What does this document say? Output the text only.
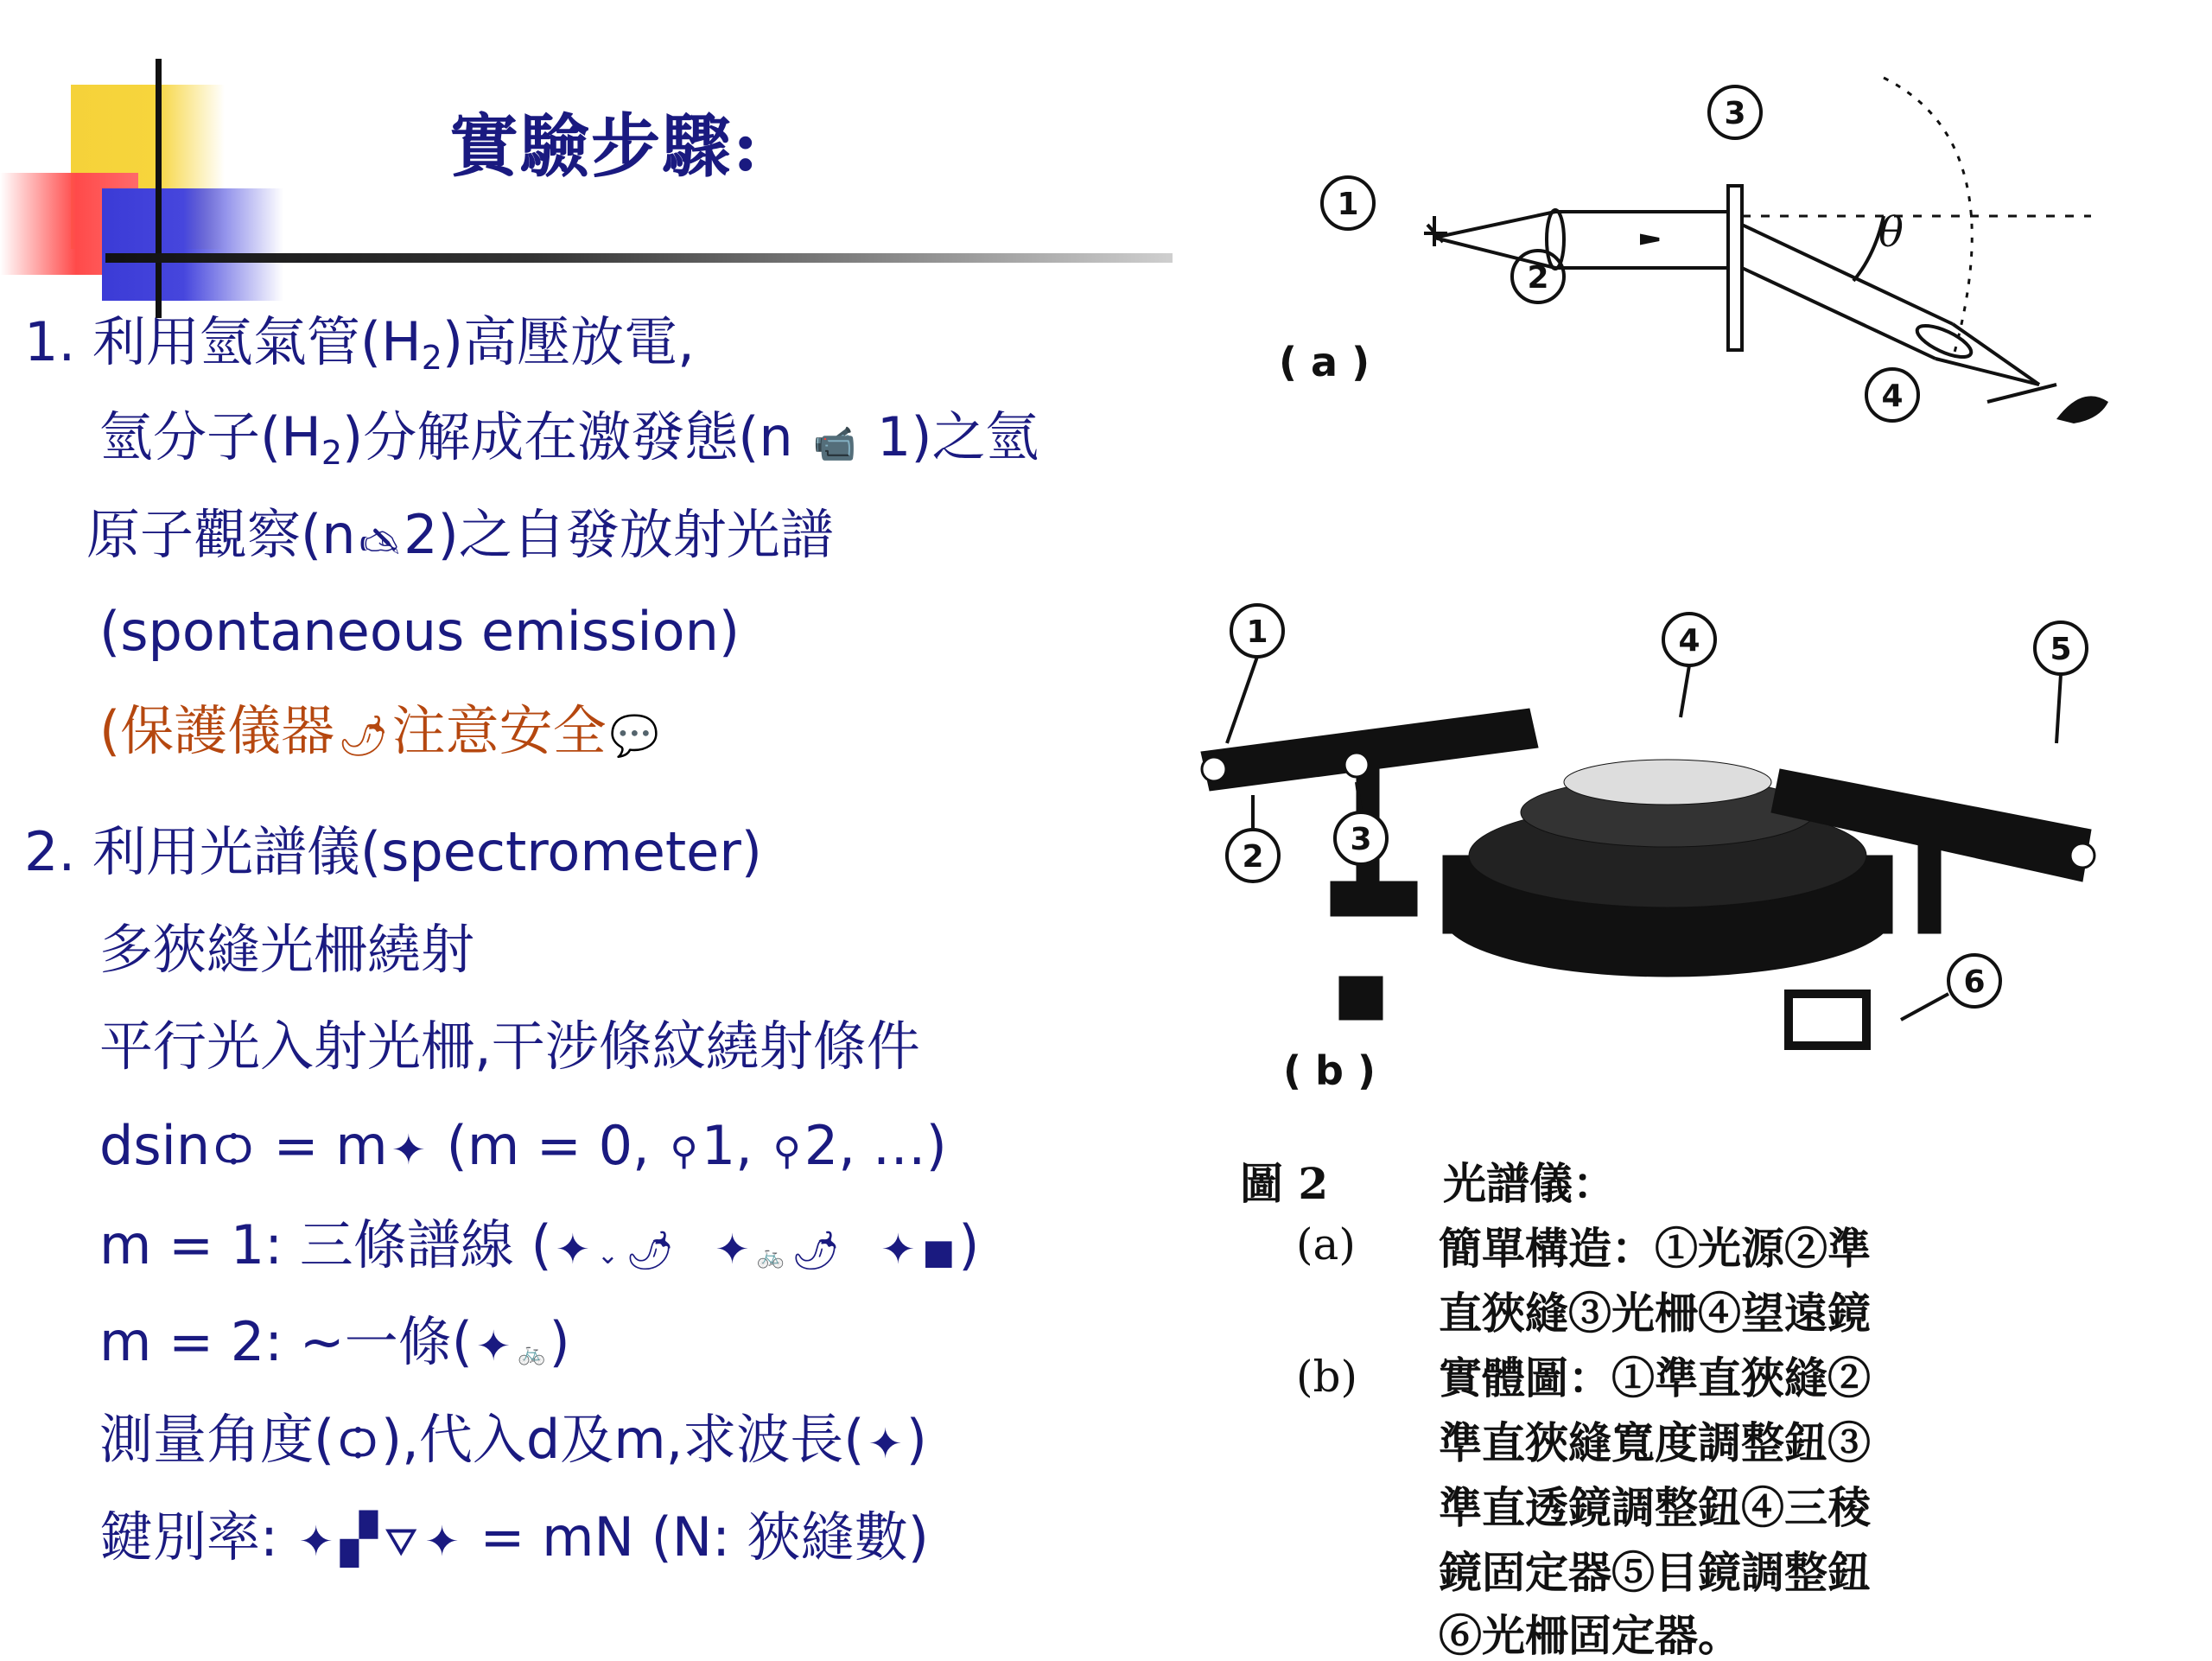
實驗步驟:
1. 利用氫氣管$(H_2)$高壓放電,
氫分子$(H_2)$分解成在激發態(n 📹 1)之氫
原子觀察(n 🖎2)之自發放射光譜
(spontaneous emission)
(保護儀器🌶注意安全💬
2. 利用光譜儀(spectrometer)
多狹縫光柵繞射
平行光入射光柵,干涉條紋繞射條件
dsinѺ = m✦ (m = 0, ⚲1, ⚲2, …)
m = 1: 三條譜線 (✦ ⌄ 🌶 ✦ 🚲 🌶 ✦ ■)
m = 2: ~一條(✦ 🚲)
測量角度(Ѻ),代入d及m,求波長(✦)
鍵別率: ✦ ▞ ⛛ ✦ = mN (N: 狹縫數)
1
2
3
4
θ
( a )
1
2	3
4	5
6
( b )
圖 2	光譜儀：
(a) 簡單構造：①光源②準
直狹縫③光柵④望遠鏡
(b) 實體圖：①準直狹縫②
準直狹縫寬度調整鈕③
準直透鏡調整鈕④三稜
鏡固定器⑤目鏡調整鈕
⑥光柵固定器。
